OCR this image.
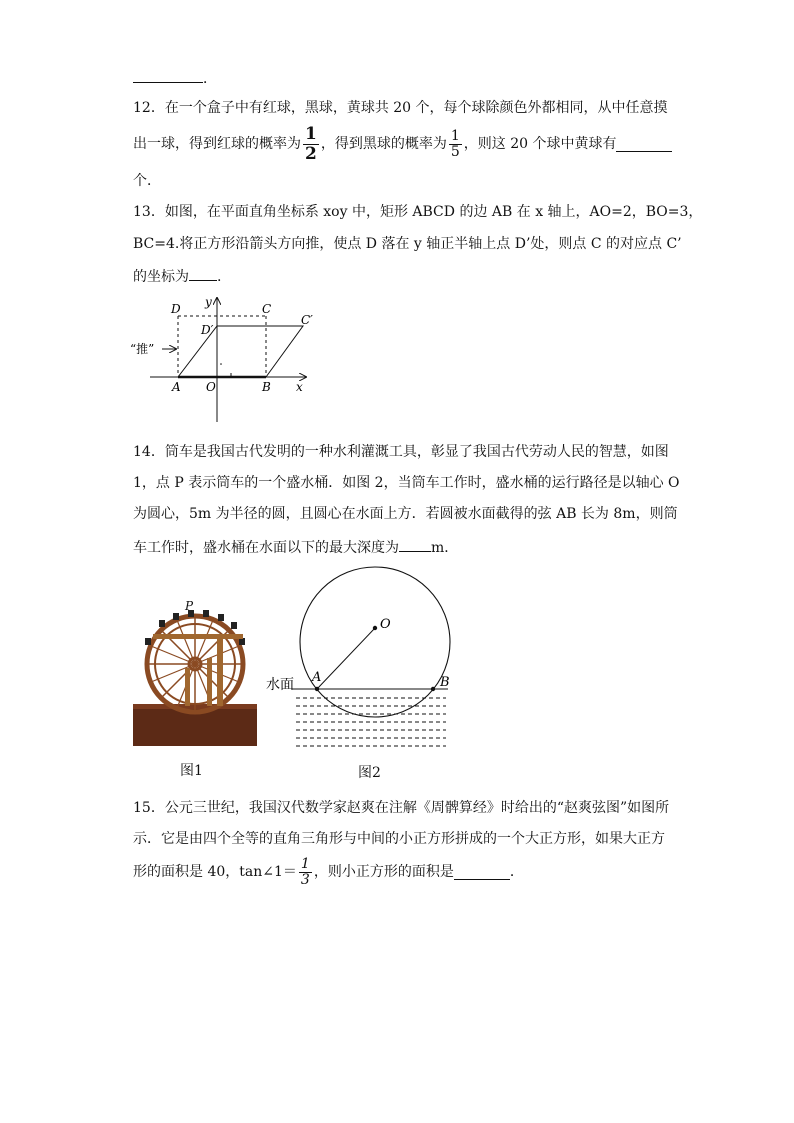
．
12．在一个盒子中有红球，黑球，黄球共 20 个，每个球除颜色外都相同，从中任意摸
出一球，得到红球的概率为 $\frac{1}{2}$ ，得到黑球的概率为 $\frac{1}{5}$ ，则这 20 个球中黄球有
个．
13．如图，在平面直角坐标系 xoy 中，矩形 ABCD 的边 AB 在 x 轴上，AO=2，BO=3，
BC=4.将正方形沿箭头方向推，使点 D 落在 y 轴正半轴上点 D’处，则点 C 的对应点 C’
的坐标为 .
“推”
D	C
D′
C′
A O	B x
y
14．筒车是我国古代发明的一种水利灌溉工具，彰显了我国古代劳动人民的智慧，如图
1，点 P 表示筒车的一个盛水桶．如图 2，当筒车工作时，盛水桶的运行路径是以轴心 O
为圆心，5m 为半径的圆，且圆心在水面上方．若圆被水面截得的弦 AB 长为 8m，则筒
车工作时，盛水桶在水面以下的最大深度为 m．
P
图1
O
A	B
水面
图2
15．公元三世纪，我国汉代数学家赵爽在注解《周髀算经》时给出的“赵爽弦图”如图所
示．它是由四个全等的直角三角形与中间的小正方形拼成的一个大正方形，如果大正方
形的面积是 40，tan∠1＝ $\frac{1}{3}$ ，则小正方形的面积是	．
